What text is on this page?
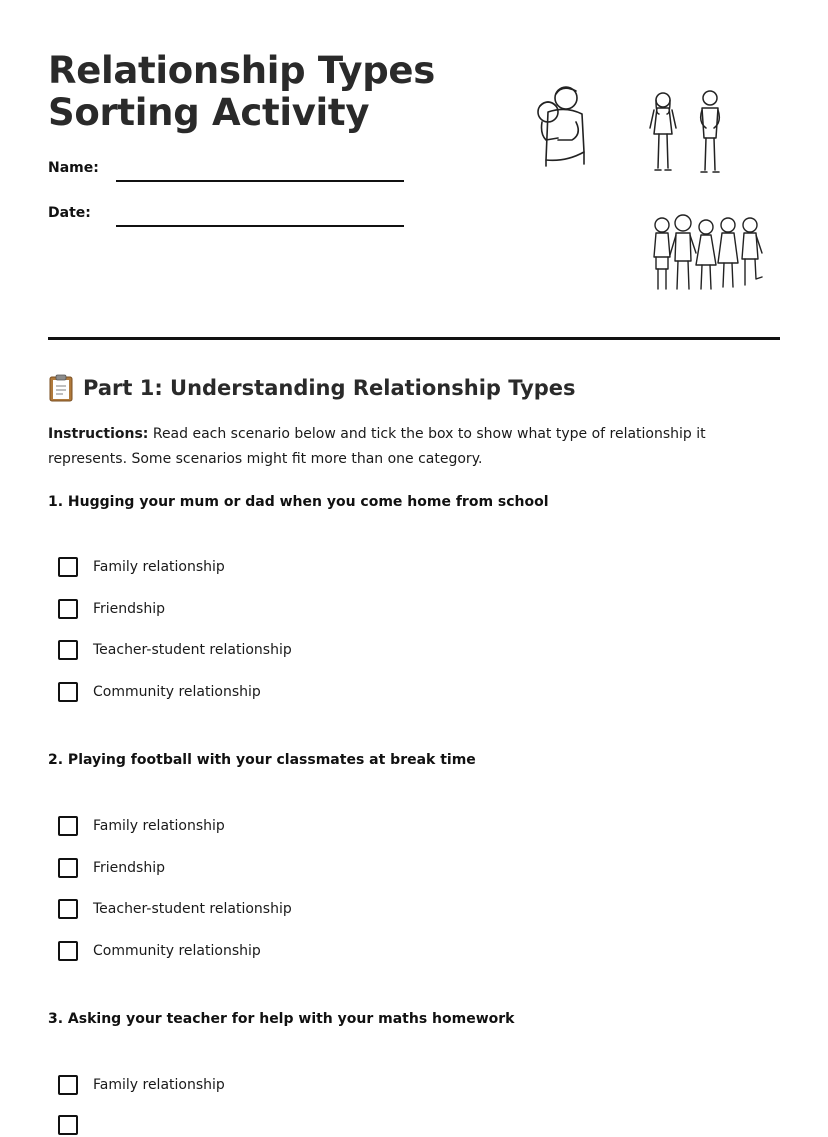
Relationship Types
Sorting Activity
Name:
Date:
Part 1: Understanding Relationship Types

Instructions: Read each scenario below and tick the box to show what type of relationship it represents. Some scenarios might fit more than one category.

1. Hugging your mum or dad when you come home from school
Family relationship
Friendship
Teacher-student relationship
Community relationship
2. Playing football with your classmates at break time
Family relationship
Friendship
Teacher-student relationship
Community relationship
3. Asking your teacher for help with your maths homework
Family relationship
